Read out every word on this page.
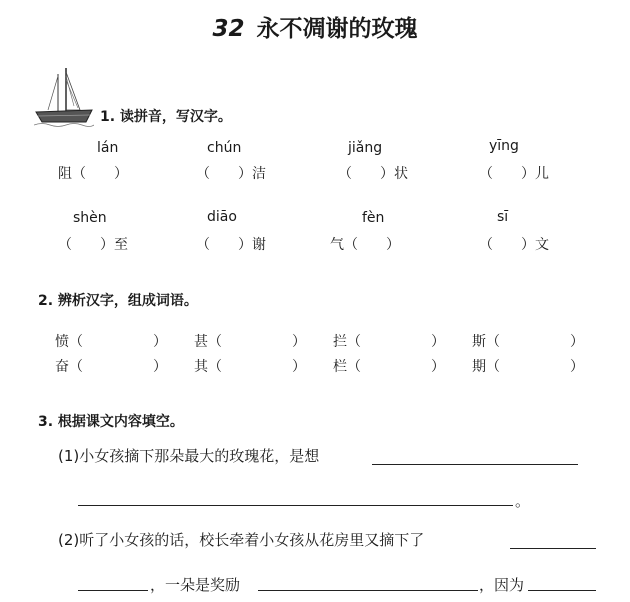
32 永不凋谢的玫瑰
1. 读拼音，写汉字。
lán	chún	jiǎng	yīng
阻（　　）	（　　）洁	（　　）状	（　　）儿
shèn	diāo	fèn	sī
（　　）至	（　　）谢	气（　　）	（　　）文
2. 辨析汉字，组成词语。
愤（　　　　　） 甚（　　　　　） 拦（　　　　　） 斯（　　　　　）
奋（　　　　　） 其（　　　　　） 栏（　　　　　） 期（　　　　　）
3. 根据课文内容填空。
(1)小女孩摘下那朵最大的玫瑰花，是想
。
(2)听了小女孩的话，校长牵着小女孩从花房里又摘下了
，一朵是奖励	，因为
